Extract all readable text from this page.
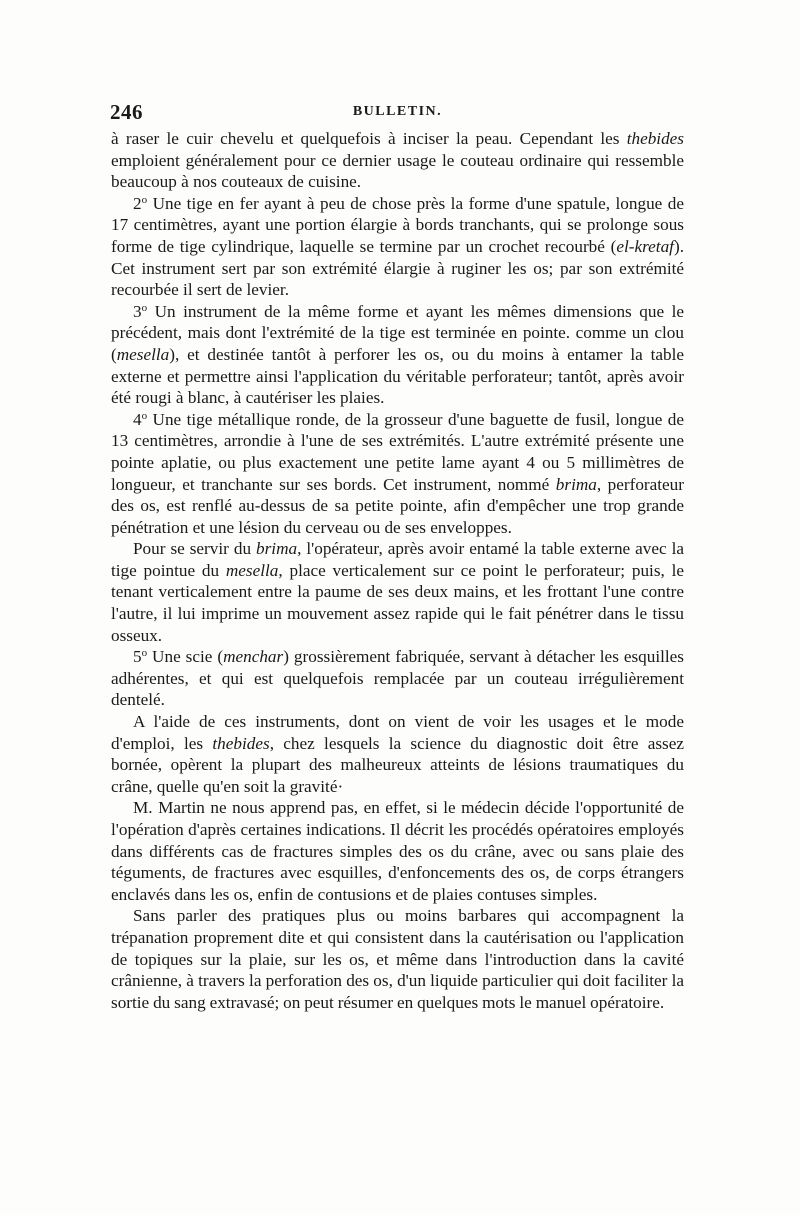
246	BULLETIN.

à raser le cuir chevelu et quelquefois à inciser la peau. Cependant les thebides emploient généralement pour ce dernier usage le couteau ordinaire qui ressemble beaucoup à nos couteaux de cuisine.

2$^o$ Une tige en fer ayant à peu de chose près la forme d'une spatule, longue de 17 centimètres, ayant une portion élargie à bords tranchants, qui se prolonge sous forme de tige cylindrique, laquelle se termine par un crochet recourbé (el-kretaf). Cet instrument sert par son extrémité élargie à ruginer les os; par son extrémité recourbée il sert de levier.

3$^o$ Un instrument de la même forme et ayant les mêmes dimensions que le précédent, mais dont l'extrémité de la tige est terminée en pointe. comme un clou (mesella), et destinée tantôt à perforer les os, ou du moins à entamer la table externe et permettre ainsi l'application du véritable perforateur; tantôt, après avoir été rougi à blanc, à cautériser les plaies.

4$^o$ Une tige métallique ronde, de la grosseur d'une baguette de fusil, longue de 13 centimètres, arrondie à l'une de ses extrémités. L'autre extrémité présente une pointe aplatie, ou plus exactement une petite lame ayant 4 ou 5 millimètres de longueur, et tranchante sur ses bords. Cet instrument, nommé brima, perforateur des os, est renflé au-dessus de sa petite pointe, afin d'empêcher une trop grande pénétration et une lésion du cerveau ou de ses enveloppes.

Pour se servir du brima, l'opérateur, après avoir entamé la table externe avec la tige pointue du mesella, place verticalement sur ce point le perforateur; puis, le tenant verticalement entre la paume de ses deux mains, et les frottant l'une contre l'autre, il lui imprime un mouvement assez rapide qui le fait pénétrer dans le tissu osseux.

5$^o$ Une scie (menchar) grossièrement fabriquée, servant à détacher les esquilles adhérentes, et qui est quelquefois remplacée par un couteau irrégulièrement dentelé.

A l'aide de ces instruments, dont on vient de voir les usages et le mode d'emploi, les thebides, chez lesquels la science du diagnostic doit être assez bornée, opèrent la plupart des malheureux atteints de lésions traumatiques du crâne, quelle qu'en soit la gravité·

M. Martin ne nous apprend pas, en effet, si le médecin décide l'opportunité de l'opération d'après certaines indications. Il décrit les procédés opératoires employés dans différents cas de fractures simples des os du crâne, avec ou sans plaie des téguments, de fractures avec esquilles, d'enfoncements des os, de corps étrangers enclavés dans les os, enfin de contusions et de plaies contuses simples.

Sans parler des pratiques plus ou moins barbares qui accompagnent la trépanation proprement dite et qui consistent dans la cautérisation ou l'application de topiques sur la plaie, sur les os, et même dans l'introduction dans la cavité crânienne, à travers la perforation des os, d'un liquide particulier qui doit faciliter la sortie du sang extravasé; on peut résumer en quelques mots le manuel opératoire.
